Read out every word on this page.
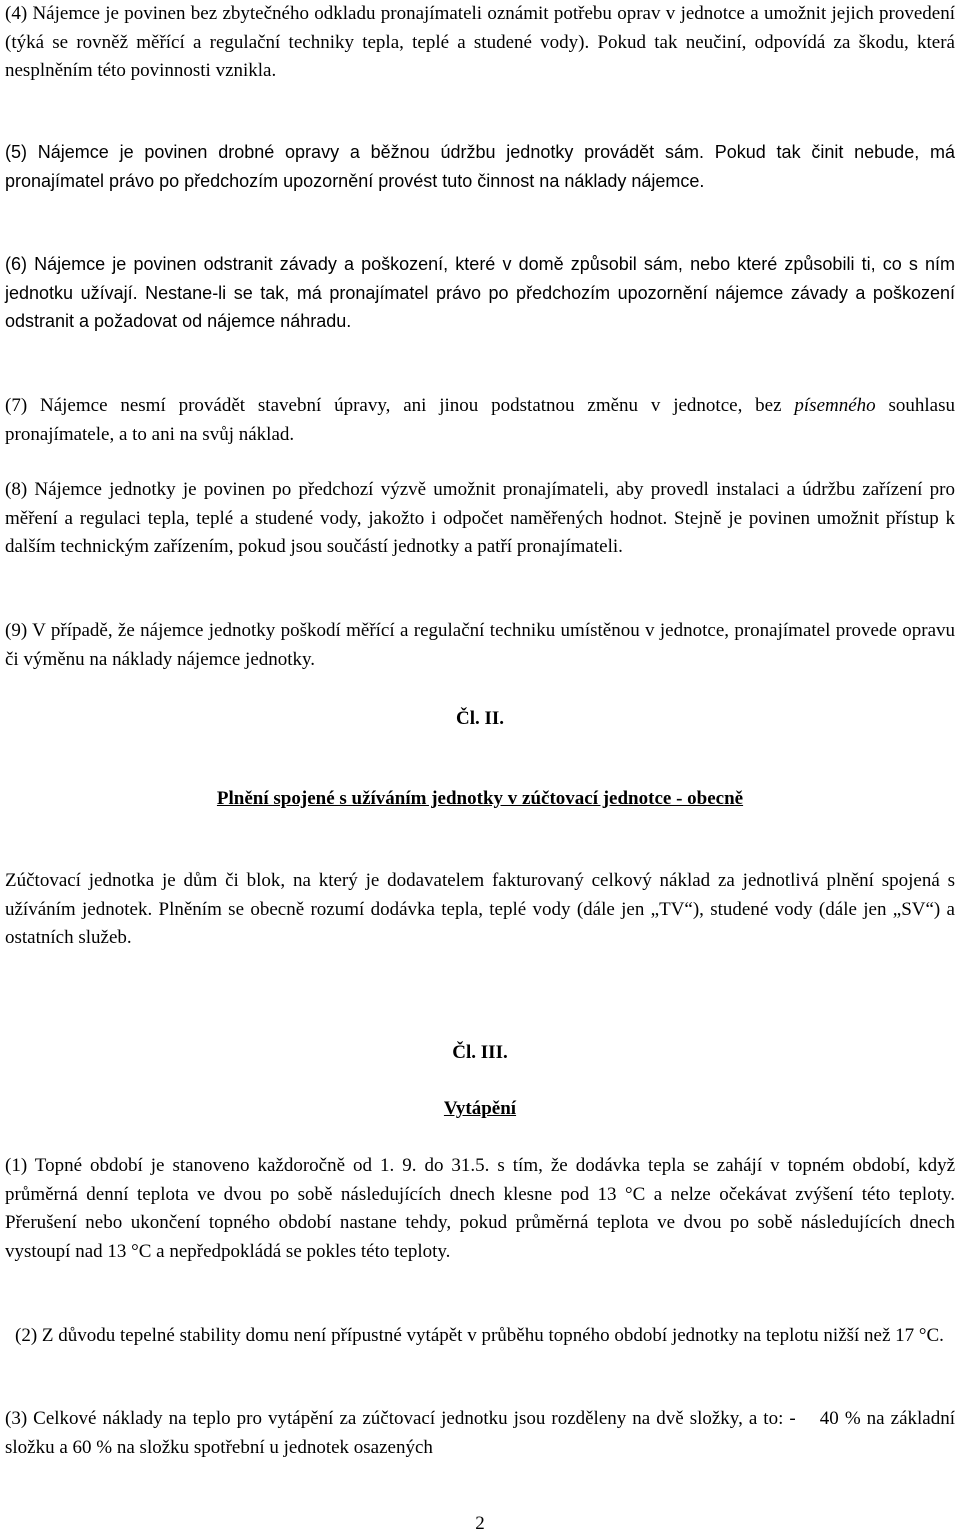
(4) Nájemce je povinen bez zbytečného odkladu pronajímateli oznámit potřebu oprav v jednotce a umožnit jejich provedení (týká se rovněž měřící a regulační techniky tepla, teplé a studené vody). Pokud tak neučiní, odpovídá za škodu, která nesplněním této povinnosti vznikla.

(5) Nájemce je povinen drobné opravy a běžnou údržbu jednotky provádět sám. Pokud tak činit nebude, má pronajímatel právo po předchozím upozornění provést tuto činnost na náklady nájemce.

(6) Nájemce je povinen odstranit závady a poškození, které v domě způsobil sám, nebo které způsobili ti, co s ním jednotku užívají. Nestane-li se tak, má pronajímatel právo po předchozím upozornění nájemce závady a poškození odstranit a požadovat od nájemce náhradu.

(7) Nájemce nesmí provádět stavební úpravy, ani jinou podstatnou změnu v jednotce, bez písemného souhlasu pronajímatele, a to ani na svůj náklad.

(8) Nájemce jednotky je povinen po předchozí výzvě umožnit pronajímateli, aby provedl instalaci a údržbu zařízení pro měření a regulaci tepla, teplé a studené vody, jakožto i odpočet naměřených hodnot. Stejně je povinen umožnit přístup k dalším technickým zařízením, pokud jsou součástí jednotky a patří pronajímateli.

(9) V případě, že nájemce jednotky poškodí měřící a regulační techniku umístěnou v jednotce, pronajímatel provede opravu či výměnu na náklady nájemce jednotky.

Čl. II.

Plnění spojené s užíváním jednotky v zúčtovací jednotce - obecně

Zúčtovací jednotka je dům či blok, na který je dodavatelem fakturovaný celkový náklad za jednotlivá plnění spojená s užíváním jednotek. Plněním se obecně rozumí dodávka tepla, teplé vody (dále jen „TV“), studené vody (dále jen „SV“) a ostatních služeb.

Čl. III.

Vytápění

(1) Topné období je stanoveno každoročně od 1. 9. do 31.5. s tím, že dodávka tepla se zahájí v topném období, když průměrná denní teplota ve dvou po sobě následujících dnech klesne pod 13 °C a nelze očekávat zvýšení této teploty. Přerušení nebo ukončení topného období nastane tehdy, pokud průměrná teplota ve dvou po sobě následujících dnech vystoupí nad 13 °C a nepředpokládá se pokles této teploty.

(2) Z důvodu tepelné stability domu není přípustné vytápět v průběhu topného období jednotky na teplotu nižší než 17 °C.

(3) Celkové náklady na teplo pro vytápění za zúčtovací jednotku jsou rozděleny na dvě složky, a to: -    40 % na základní složku a 60 % na složku spotřební u jednotek osazených

2
